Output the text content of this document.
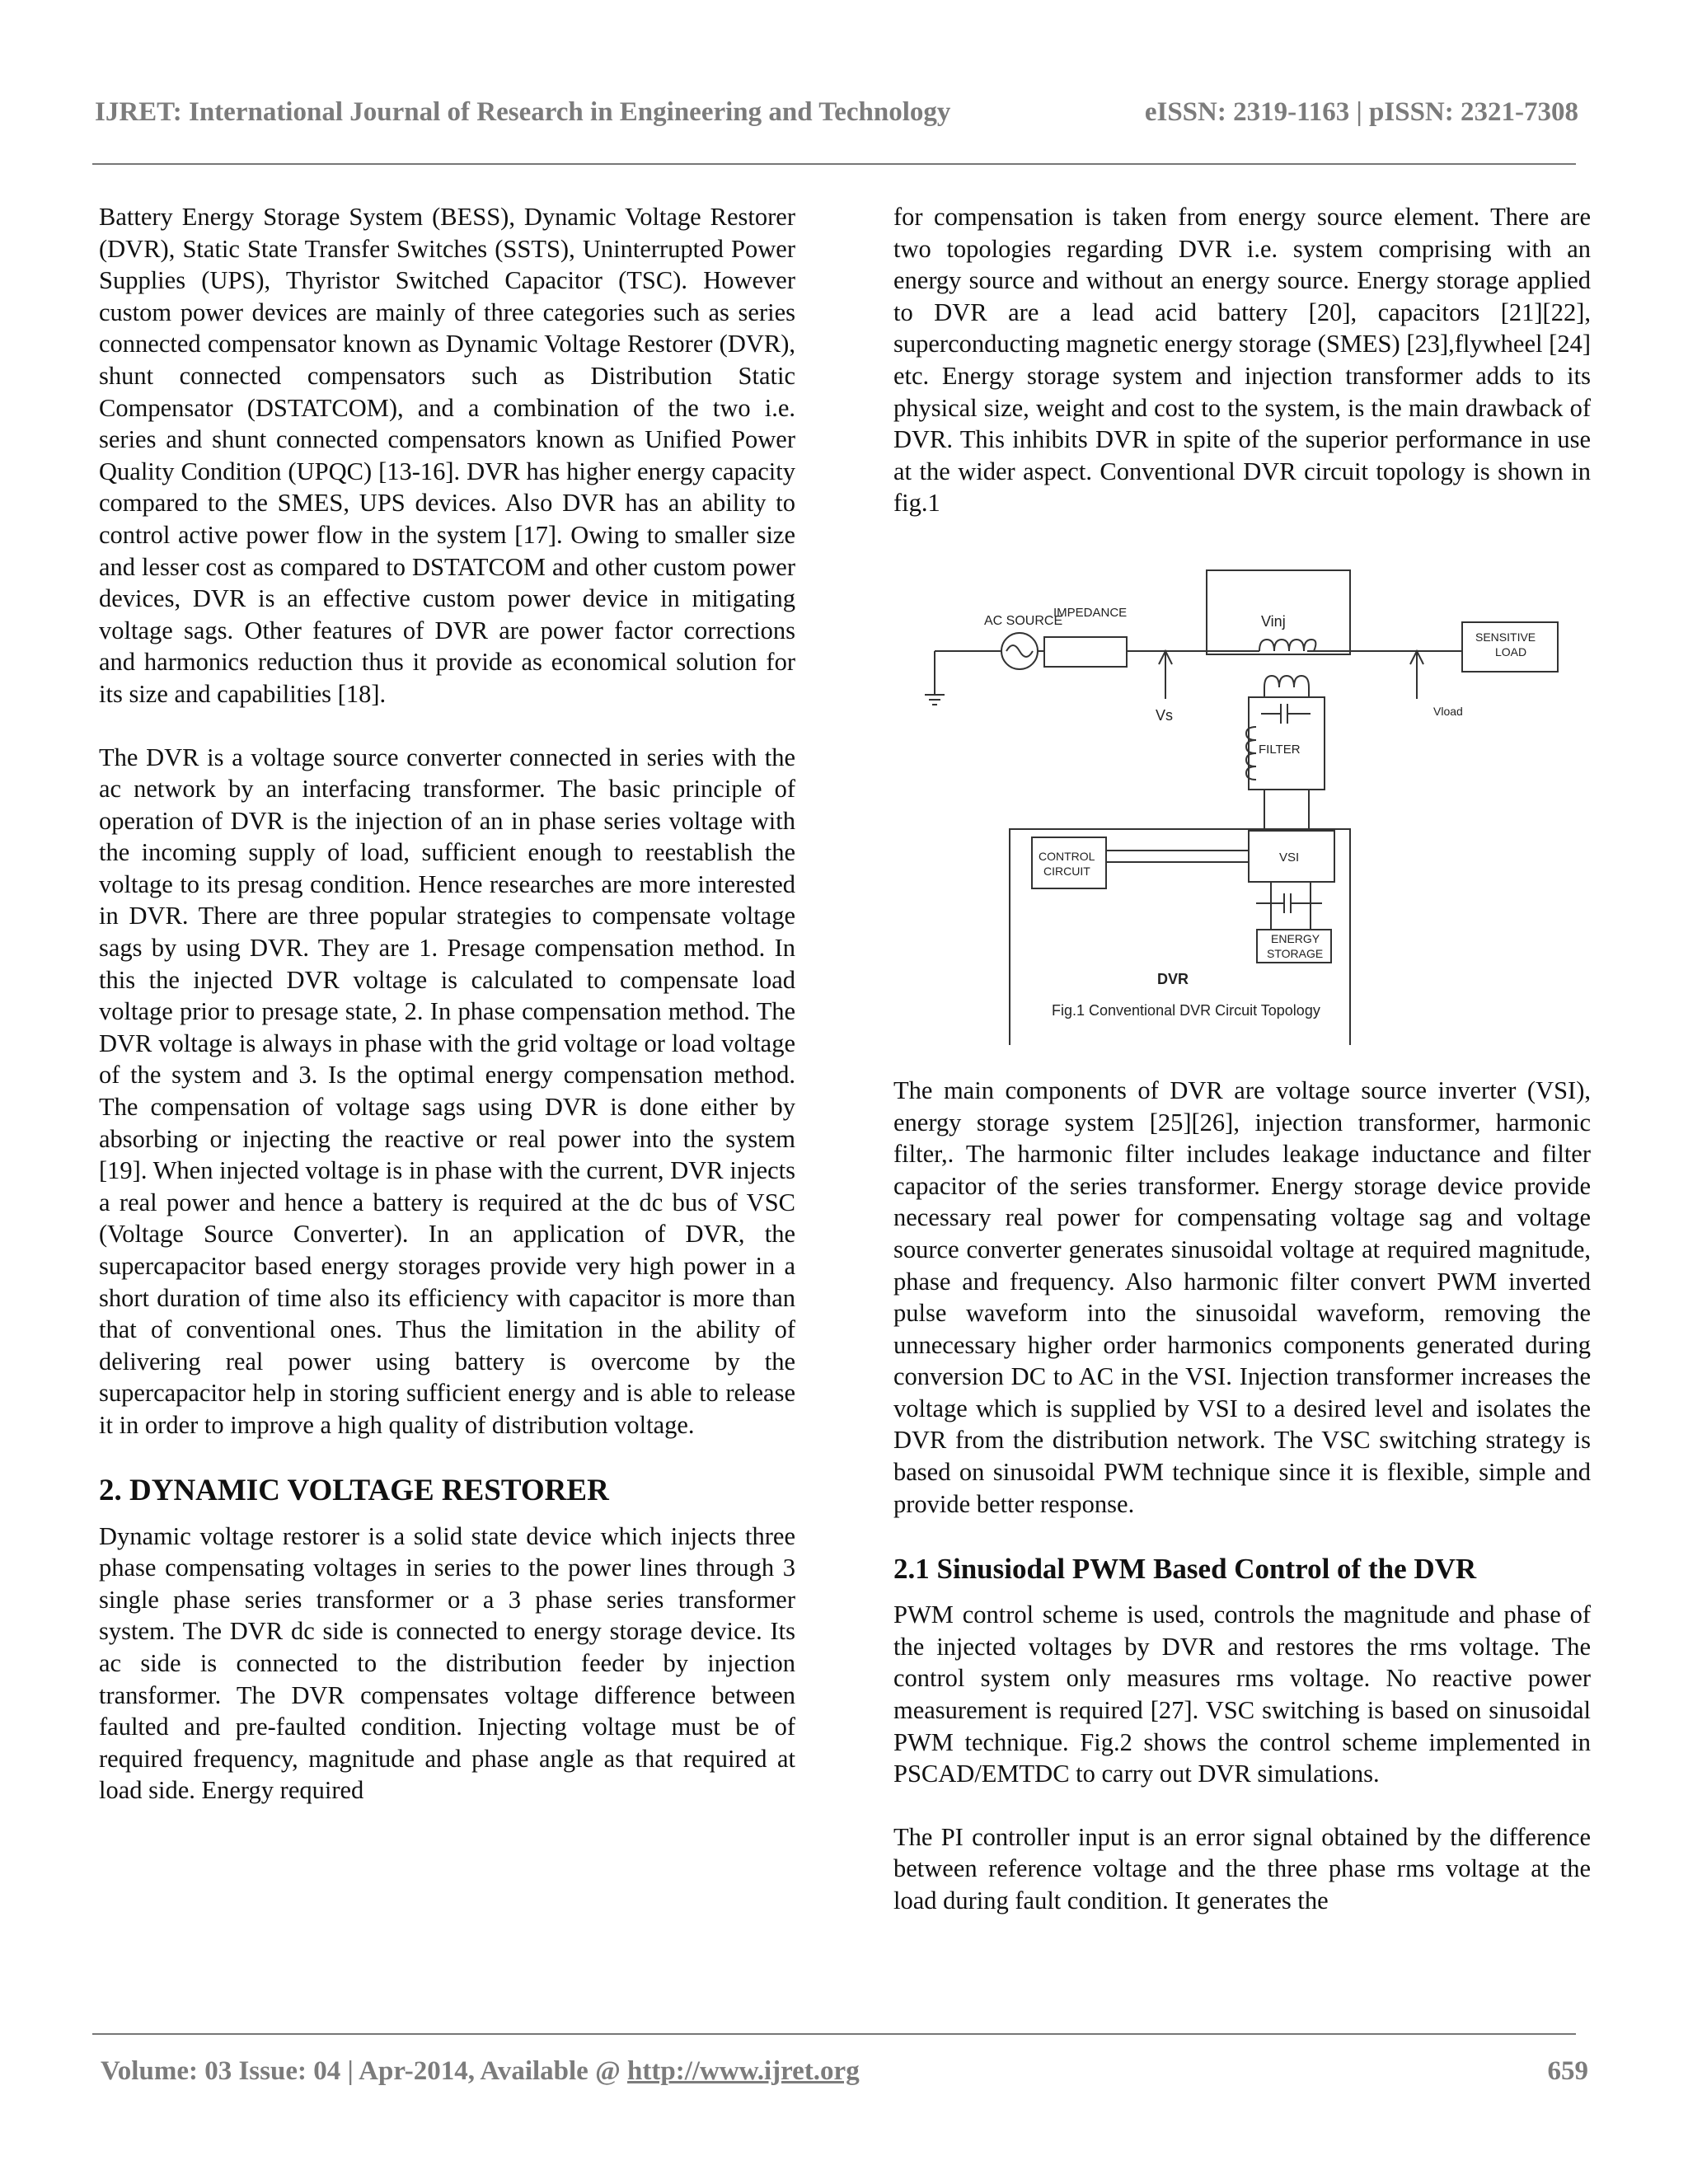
IJRET: International Journal of Research in Engineering and Technology	eISSN: 2319-1163 | pISSN: 2321-7308

Battery Energy Storage System (BESS), Dynamic Voltage Restorer (DVR), Static State Transfer Switches (SSTS), Uninterrupted Power Supplies (UPS), Thyristor Switched Capacitor (TSC). However custom power devices are mainly of three categories such as series connected compensator known as Dynamic Voltage Restorer (DVR), shunt connected compensators such as Distribution Static Compensator (DSTATCOM), and a combination of the two i.e. series and shunt connected compensators known as Unified Power Quality Condition (UPQC) [13-16]. DVR has higher energy capacity compared to the SMES, UPS devices. Also DVR has an ability to control active power flow in the system [17]. Owing to smaller size and lesser cost as compared to DSTATCOM and other custom power devices, DVR is an effective custom power device in mitigating voltage sags. Other features of DVR are power factor corrections and harmonics reduction thus it provide as economical solution for its size and capabilities [18].

The DVR is a voltage source converter connected in series with the ac network by an interfacing transformer. The basic principle of operation of DVR is the injection of an in phase series voltage with the incoming supply of load, sufficient enough to reestablish the voltage to its presag condition. Hence researches are more interested in DVR. There are three popular strategies to compensate voltage sags by using DVR. They are 1. Presage compensation method. In this the injected DVR voltage is calculated to compensate load voltage prior to presage state, 2. In phase compensation method. The DVR voltage is always in phase with the grid voltage or load voltage of the system and 3. Is the optimal energy compensation method. The compensation of voltage sags using DVR is done either by absorbing or injecting the reactive or real power into the system [19]. When injected voltage is in phase with the current, DVR injects a real power and hence a battery is required at the dc bus of VSC (Voltage Source Converter). In an application of DVR, the supercapacitor based energy storages provide very high power in a short duration of time also its efficiency with capacitor is more than that of conventional ones. Thus the limitation in the ability of delivering real power using battery is overcome by the supercapacitor help in storing sufficient energy and is able to release it in order to improve a high quality of distribution voltage.

2. DYNAMIC VOLTAGE RESTORER

Dynamic voltage restorer is a solid state device which injects three phase compensating voltages in series to the power lines through 3 single phase series transformer or a 3 phase series transformer system. The DVR dc side is connected to energy storage device. Its ac side is connected to the distribution feeder by injection transformer. The DVR compensates voltage difference between faulted and pre-faulted condition. Injecting voltage must be of required frequency, magnitude and phase angle as that required at load side. Energy required

for compensation is taken from energy source element. There are two topologies regarding DVR i.e. system comprising with an energy source and without an energy source. Energy storage applied to DVR are a lead acid battery [20], capacitors [21][22], superconducting magnetic energy storage (SMES) [23],flywheel [24] etc. Energy storage system and injection transformer adds to its physical size, weight and cost to the system, is the main drawback of DVR. This inhibits DVR in spite of the superior performance in use at the wider aspect. Conventional DVR circuit topology is shown in fig.1

AC SOURCE
IMPEDANCE
Vinj
Vs
SENSITIVE
LOAD
Vload
FILTER
CONTROL
CIRCUIT
VSI
ENERGY
STORAGE
DVR
Fig.1 Conventional DVR Circuit Topology

The main components of DVR are voltage source inverter (VSI), energy storage system [25][26], injection transformer, harmonic filter,. The harmonic filter includes leakage inductance and filter capacitor of the series transformer. Energy storage device provide necessary real power for compensating voltage sag and voltage source converter generates sinusoidal voltage at required magnitude, phase and frequency. Also harmonic filter convert PWM inverted pulse waveform into the sinusoidal waveform, removing the unnecessary higher order harmonics components generated during conversion DC to AC in the VSI. Injection transformer increases the voltage which is supplied by VSI to a desired level and isolates the DVR from the distribution network. The VSC switching strategy is based on sinusoidal PWM technique since it is flexible, simple and provide better response.

2.1 Sinusiodal PWM Based Control of the DVR

PWM control scheme is used, controls the magnitude and phase of the injected voltages by DVR and restores the rms voltage. The control system only measures rms voltage. No reactive power measurement is required [27]. VSC switching is based on sinusoidal PWM technique. Fig.2 shows the control scheme implemented in PSCAD/EMTDC to carry out DVR simulations.

The PI controller input is an error signal obtained by the difference between reference voltage and the three phase rms voltage at the load during fault condition. It generates the

Volume: 03 Issue: 04 | Apr-2014, Available @ http://www.ijret.org	659
